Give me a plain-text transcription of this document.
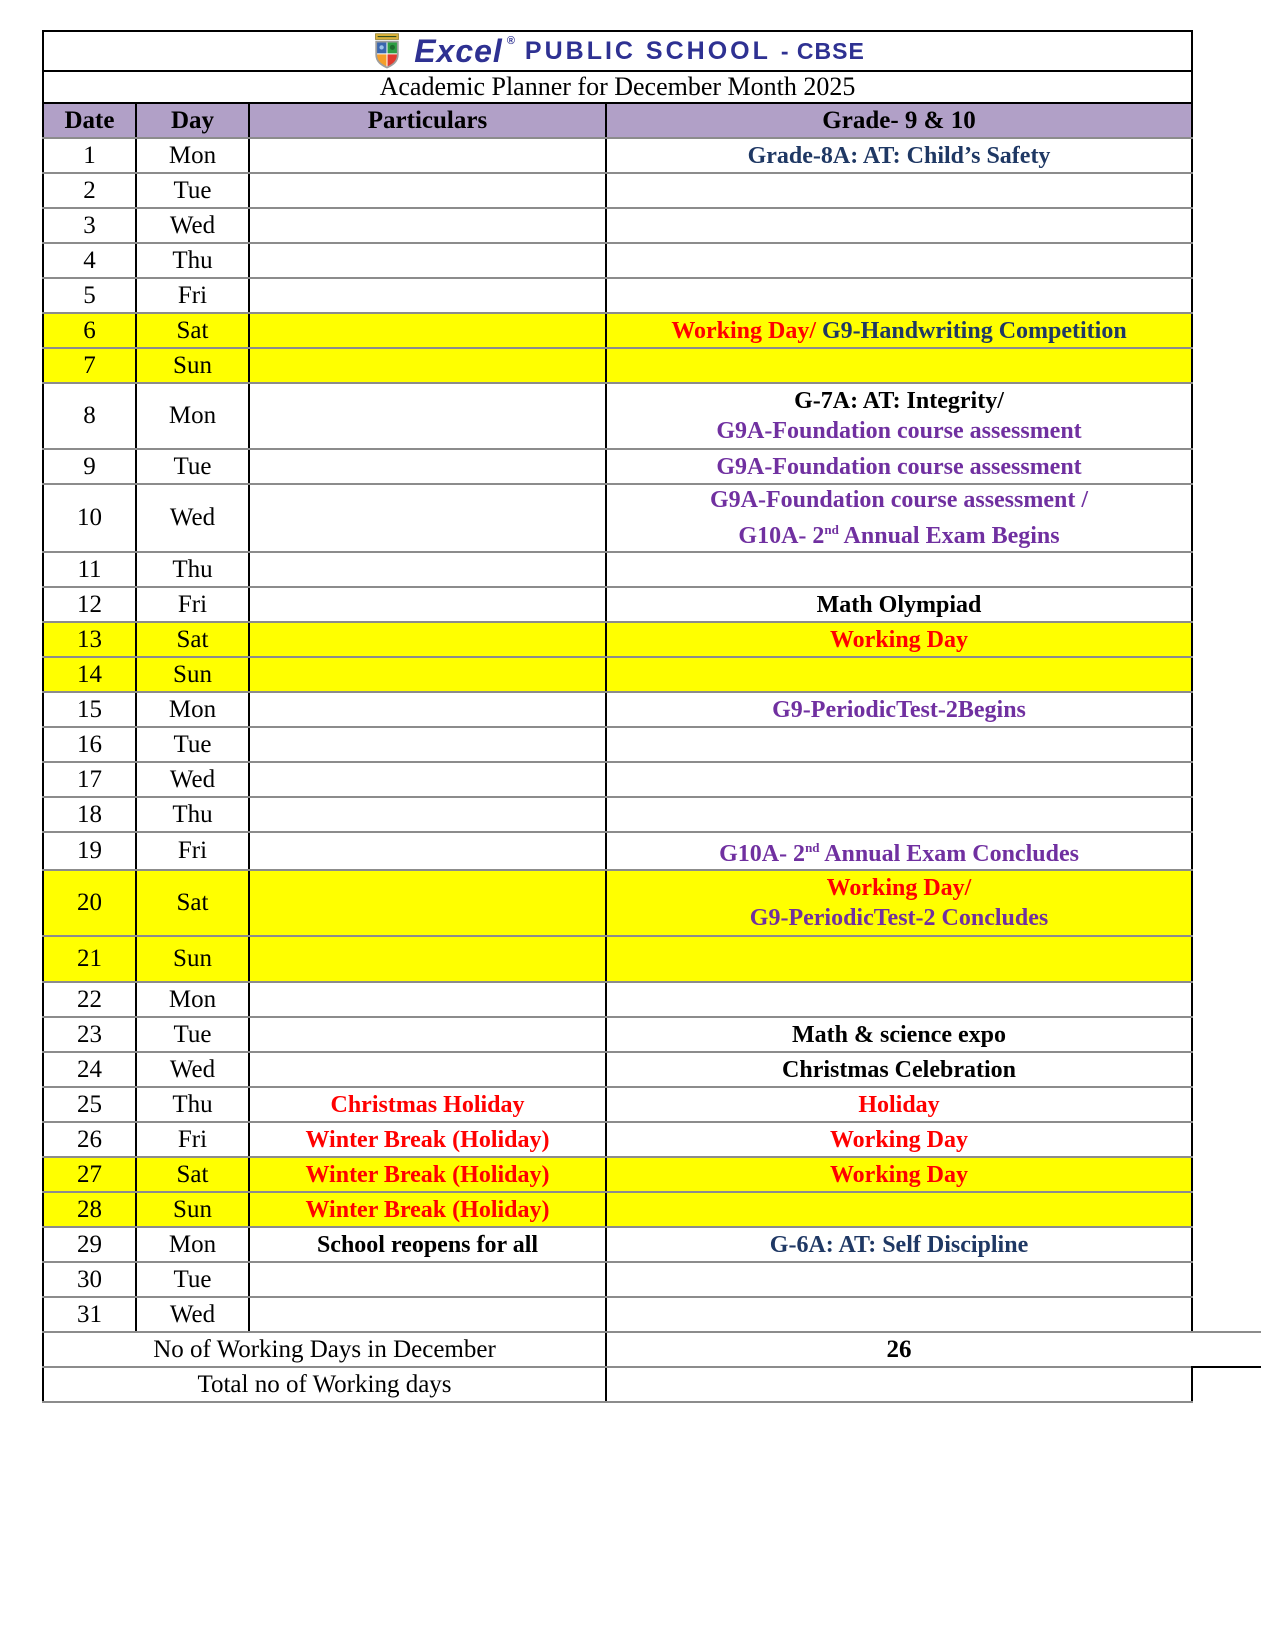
Excel ® PUBLIC SCHOOL - CBSE			

Academic Planner for December Month 2025			
Date	Day	Particulars	Grade- 9 & 10
1	Mon		Grade-8A: AT: Child’s Safety

2	Tue		
3	Wed		
4	Thu		
5	Fri		
6	Sat		Working Day/ G9-Handwriting Competition

7	Sun		
8	Mon		G-7A: AT: Integrity/
G9A-Foundation course assessment

9	Tue		G9A-Foundation course assessment

10	Wed		G9A-Foundation course assessment /
G10A- 2nd Annual Exam Begins

11	Thu		
12	Fri		Math Olympiad

13	Sat		Working Day

14	Sun		
15	Mon		G9-PeriodicTest-2Begins

16	Tue		
17	Wed		
18	Thu		
19	Fri		G10A- 2nd Annual Exam Concludes

20	Sat		Working Day/
G9-PeriodicTest-2 Concludes

21	Sun		
22	Mon		
23	Tue		Math & science expo

24	Wed		Christmas Celebration

25	Thu	Christmas Holiday	Holiday

26	Fri	Winter Break (Holiday)	Working Day

27	Sat	Winter Break (Holiday)	Working Day

28	Sun	Winter Break (Holiday)	

29	Mon	School reopens for all	G-6A: AT: Self Discipline

30	Tue		
31	Wed		
No of Working Days in December			26
Total no of Working days			
